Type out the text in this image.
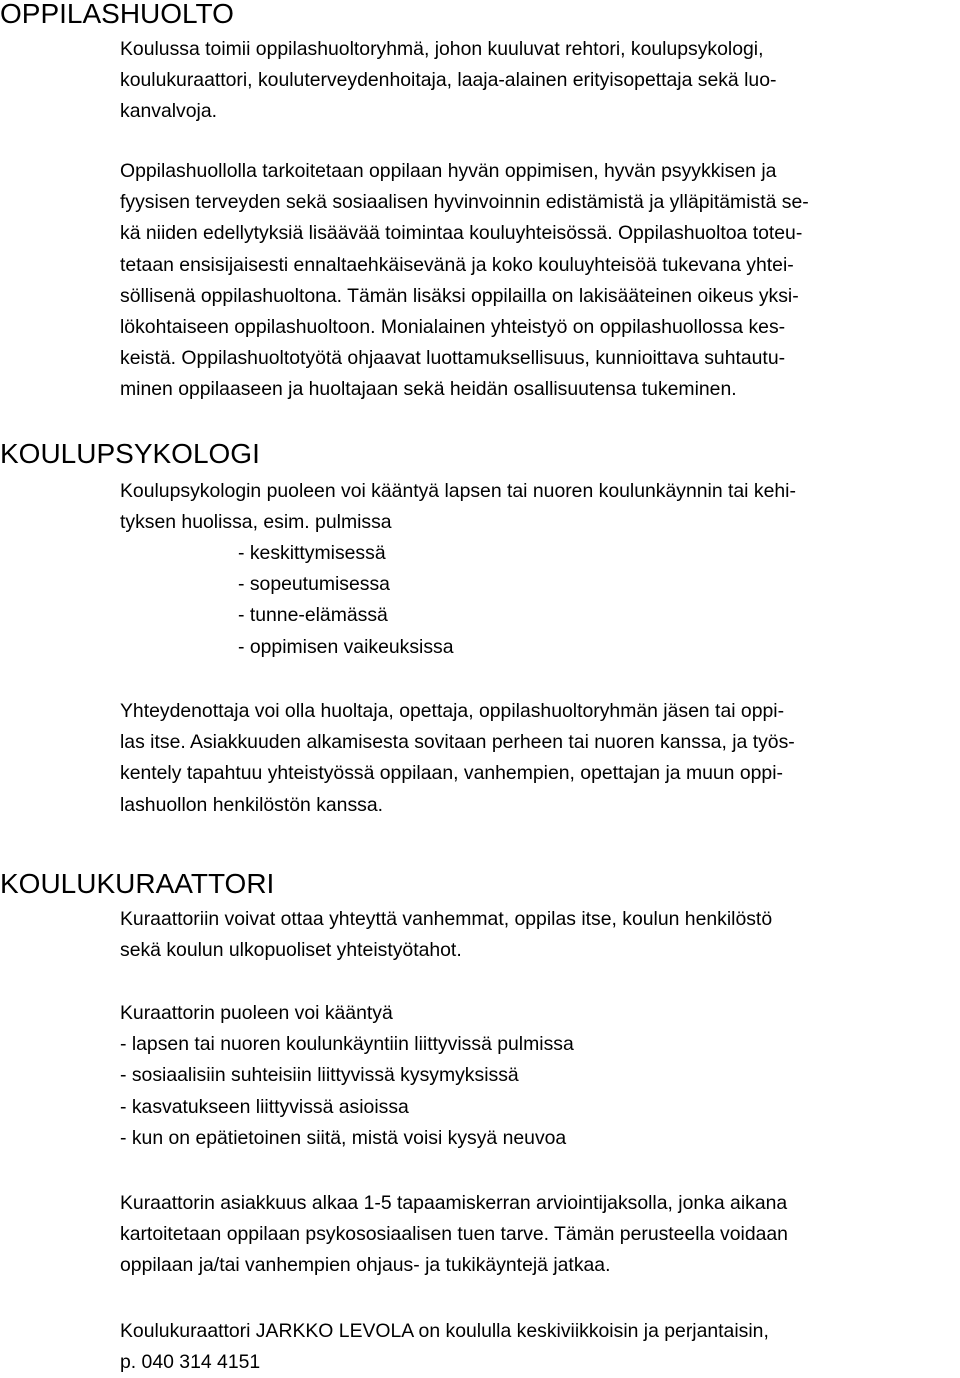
OPPILASHUOLTO
Koulussa toimii oppilashuoltoryhmä, johon kuuluvat rehtori, koulupsykologi,
koulukuraattori, kouluterveydenhoitaja, laaja-alainen erityisopettaja sekä luo-
kanvalvoja.
Oppilashuollolla tarkoitetaan oppilaan hyvän oppimisen, hyvän psyykkisen ja
fyysisen terveyden sekä sosiaalisen hyvinvoinnin edistämistä ja ylläpitämistä se-
kä niiden edellytyksiä lisäävää toimintaa kouluyhteisössä. Oppilashuoltoa toteu-
tetaan ensisijaisesti ennaltaehkäisevänä ja koko kouluyhteisöä tukevana yhtei-
söllisenä oppilashuoltona. Tämän lisäksi oppilailla on lakisääteinen oikeus yksi-
lökohtaiseen oppilashuoltoon. Monialainen yhteistyö on oppilashuollossa kes-
keistä. Oppilashuoltotyötä ohjaavat luottamuksellisuus, kunnioittava suhtautu-
minen oppilaaseen ja huoltajaan sekä heidän osallisuutensa tukeminen.
KOULUPSYKOLOGI
Koulupsykologin puoleen voi kääntyä lapsen tai nuoren koulunkäynnin tai kehi-
tyksen huolissa, esim. pulmissa
- keskittymisessä
- sopeutumisessa
- tunne-elämässä
- oppimisen vaikeuksissa
Yhteydenottaja voi olla huoltaja, opettaja, oppilashuoltoryhmän jäsen tai oppi-
las itse. Asiakkuuden alkamisesta sovitaan perheen tai nuoren kanssa, ja työs-
kentely tapahtuu yhteistyössä oppilaan, vanhempien, opettajan ja muun oppi-
lashuollon henkilöstön kanssa.
KOULUKURAATTORI
Kuraattoriin voivat ottaa yhteyttä vanhemmat, oppilas itse, koulun henkilöstö
sekä koulun ulkopuoliset yhteistyötahot.
Kuraattorin puoleen voi kääntyä
- lapsen tai nuoren koulunkäyntiin liittyvissä pulmissa
- sosiaalisiin suhteisiin liittyvissä kysymyksissä
- kasvatukseen liittyvissä asioissa
- kun on epätietoinen siitä, mistä voisi kysyä neuvoa
Kuraattorin asiakkuus alkaa 1-5 tapaamiskerran arviointijaksolla, jonka aikana
kartoitetaan oppilaan psykososiaalisen tuen tarve. Tämän perusteella voidaan
oppilaan ja/tai vanhempien ohjaus- ja tukikäyntejä jatkaa.
Koulukuraattori JARKKO LEVOLA on koululla keskiviikkoisin ja perjantaisin,
p. 040 314 4151
